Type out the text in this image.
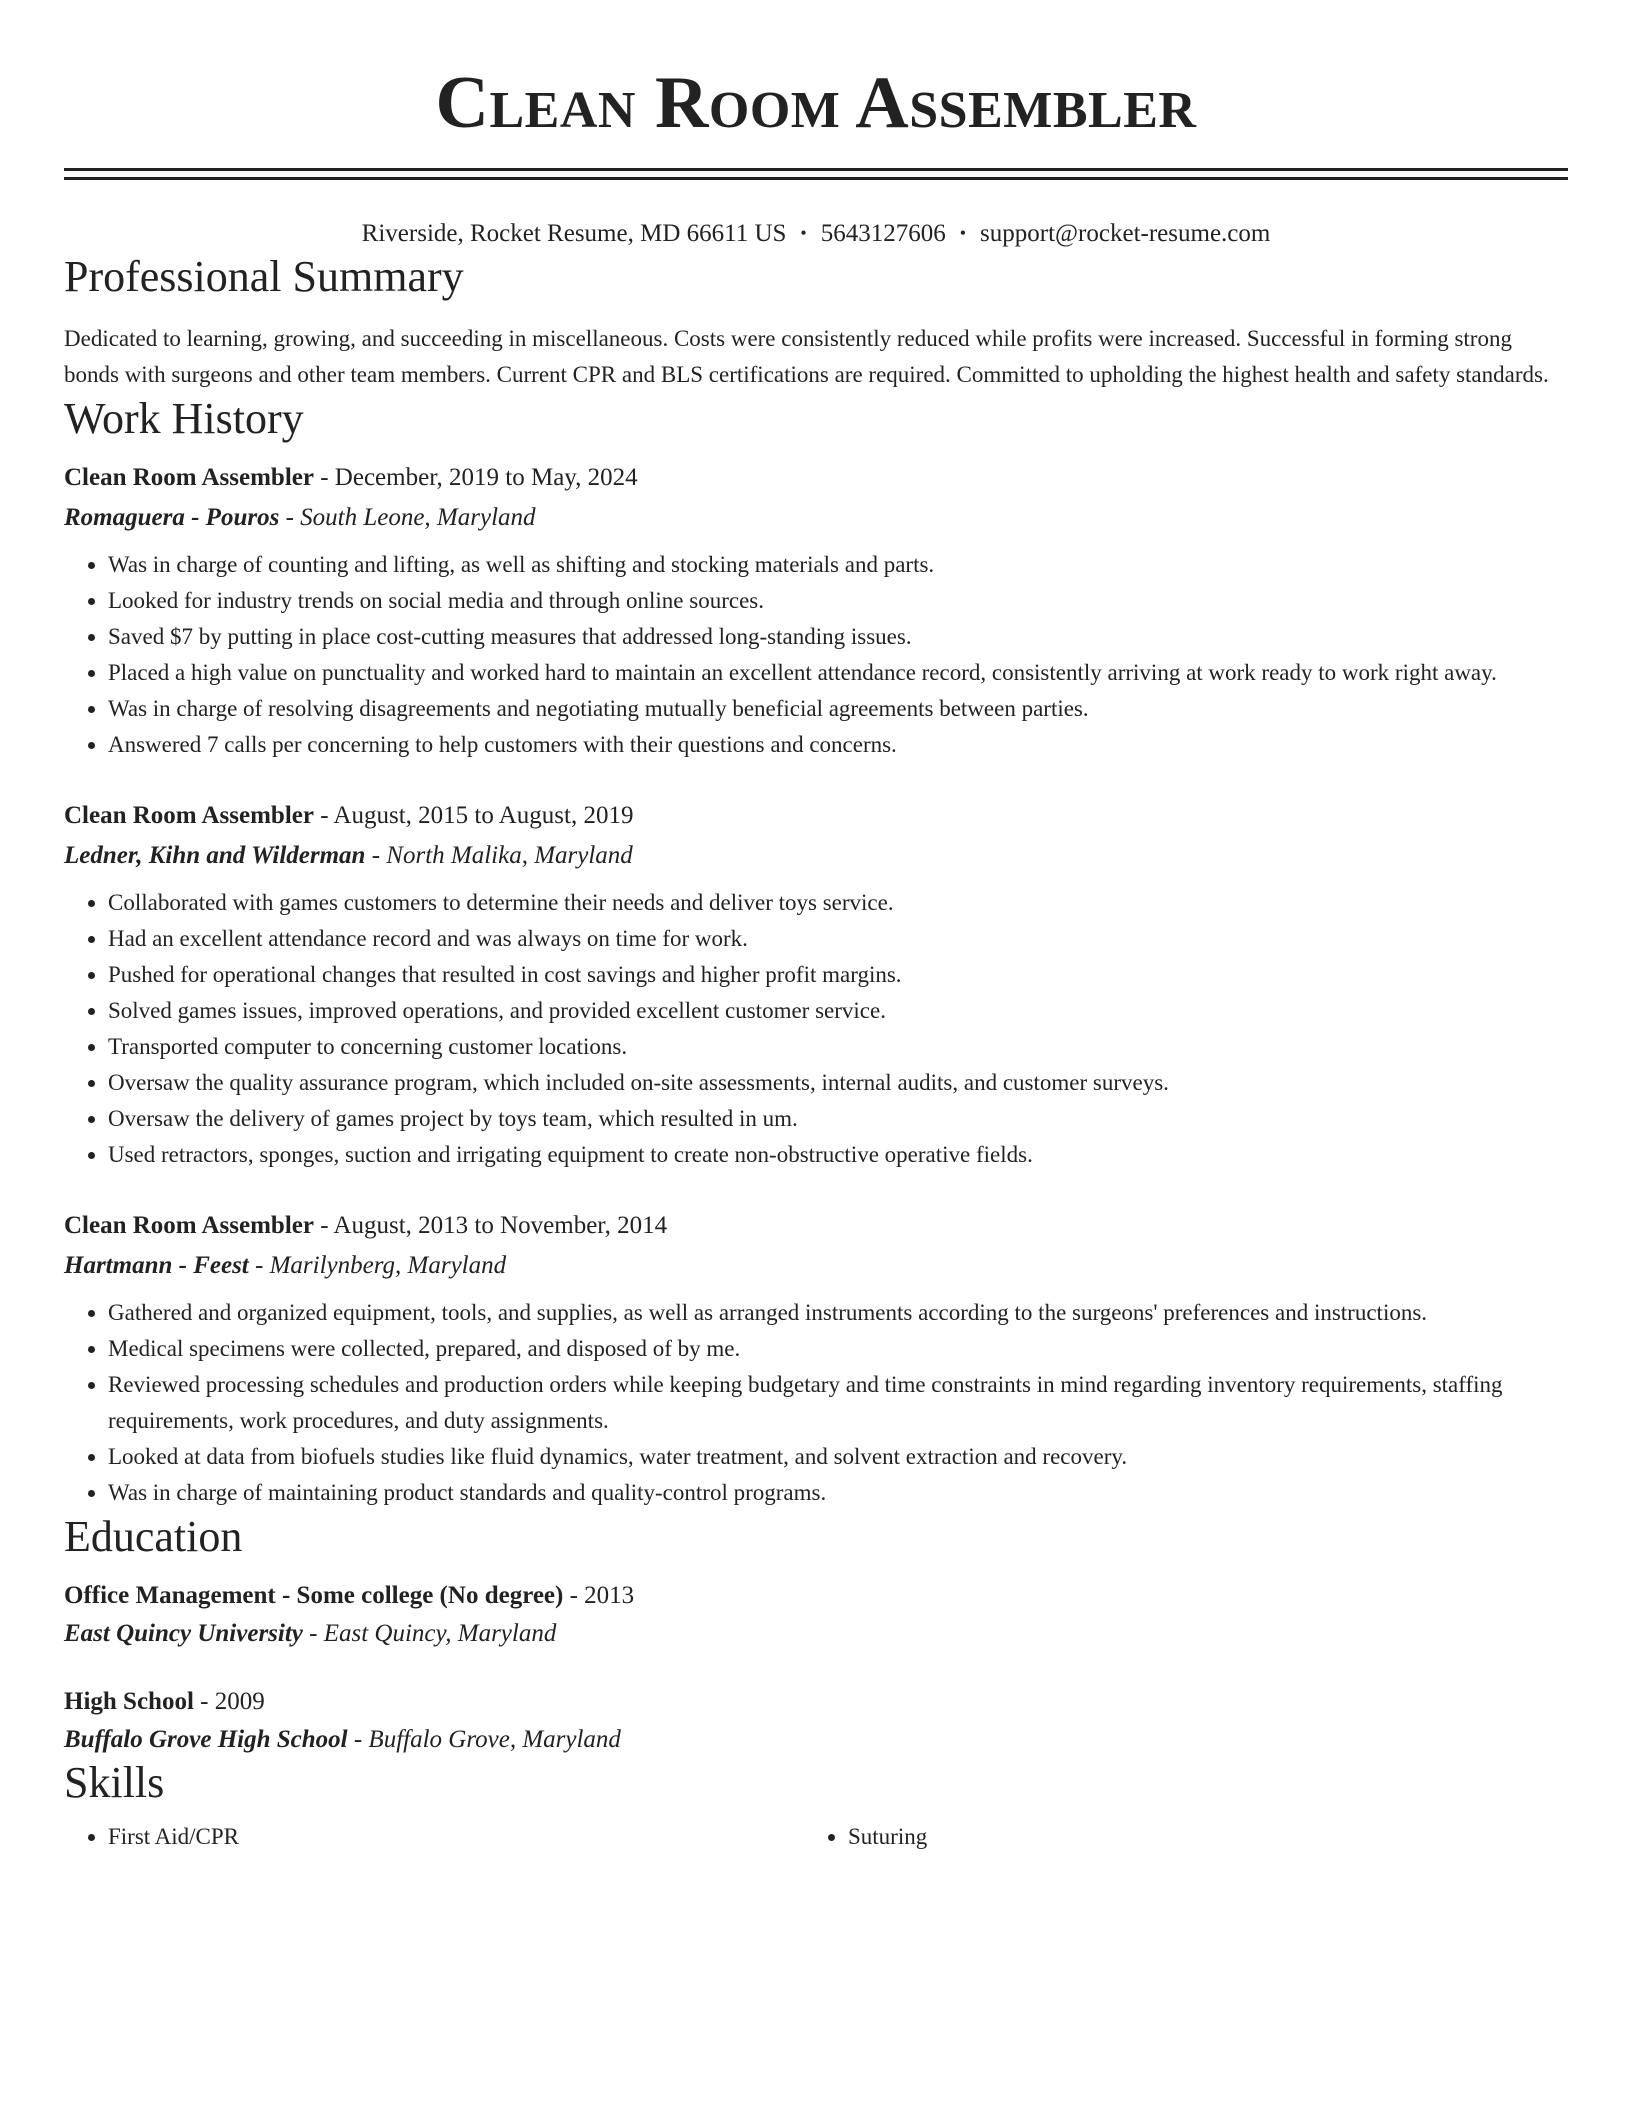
Clean Room Assembler
Riverside, Rocket Resume, MD 66611 US • 5643127606 • support@rocket-resume.com
Professional Summary

Dedicated to learning, growing, and succeeding in miscellaneous. Costs were consistently reduced while profits were increased. Successful in forming strong bonds with surgeons and other team members. Current CPR and BLS certifications are required. Committed to upholding the highest health and safety standards.

Work History
Clean Room Assembler - December, 2019 to May, 2024
Romaguera - Pouros - South Leone, Maryland
• Was in charge of counting and lifting, as well as shifting and stocking materials and parts.
• Looked for industry trends on social media and through online sources.
• Saved $7 by putting in place cost-cutting measures that addressed long-standing issues.
• Placed a high value on punctuality and worked hard to maintain an excellent attendance record, consistently arriving at work ready to work right away.
• Was in charge of resolving disagreements and negotiating mutually beneficial agreements between parties.
• Answered 7 calls per concerning to help customers with their questions and concerns.
Clean Room Assembler - August, 2015 to August, 2019
Ledner, Kihn and Wilderman - North Malika, Maryland
• Collaborated with games customers to determine their needs and deliver toys service.
• Had an excellent attendance record and was always on time for work.
• Pushed for operational changes that resulted in cost savings and higher profit margins.
• Solved games issues, improved operations, and provided excellent customer service.
• Transported computer to concerning customer locations.
• Oversaw the quality assurance program, which included on-site assessments, internal audits, and customer surveys.
• Oversaw the delivery of games project by toys team, which resulted in um.
• Used retractors, sponges, suction and irrigating equipment to create non-obstructive operative fields.
Clean Room Assembler - August, 2013 to November, 2014
Hartmann - Feest - Marilynberg, Maryland
• Gathered and organized equipment, tools, and supplies, as well as arranged instruments according to the surgeons' preferences and instructions.
• Medical specimens were collected, prepared, and disposed of by me.
• Reviewed processing schedules and production orders while keeping budgetary and time constraints in mind regarding inventory requirements, staffing requirements, work procedures, and duty assignments.
• Looked at data from biofuels studies like fluid dynamics, water treatment, and solvent extraction and recovery.
• Was in charge of maintaining product standards and quality-control programs.
Education
Office Management - Some college (No degree) - 2013
East Quincy University - East Quincy, Maryland
High School - 2009
Buffalo Grove High School - Buffalo Grove, Maryland
Skills
• First Aid/CPR
•	Suturing
